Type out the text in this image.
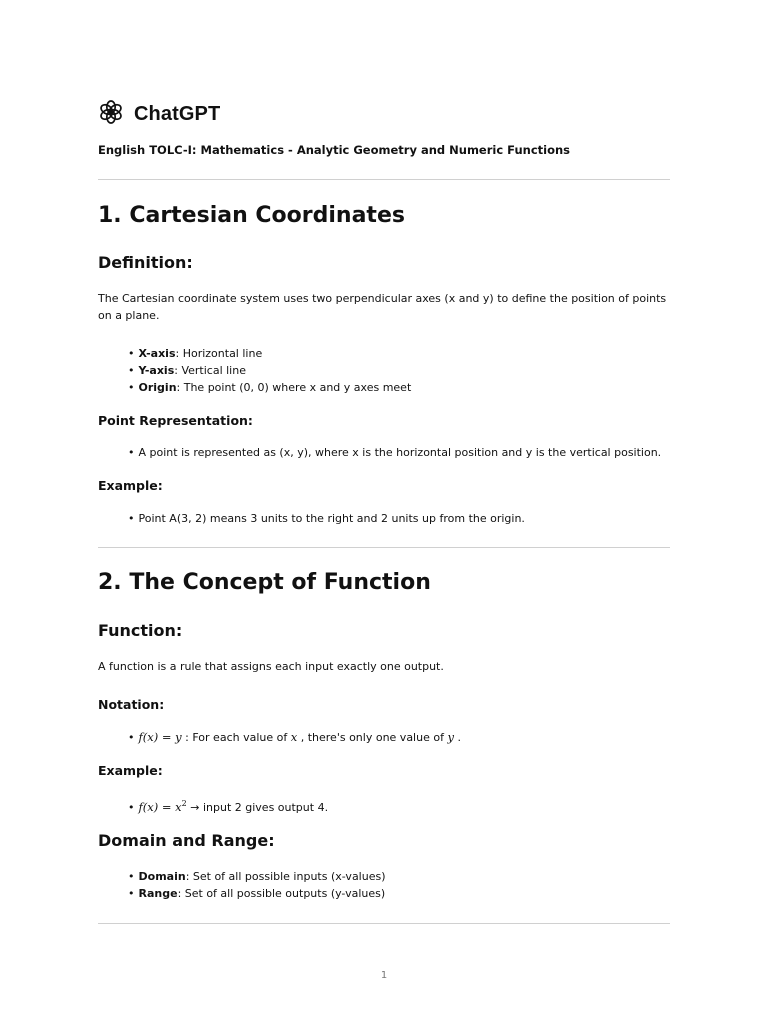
ChatGPT
English TOLC-I: Mathematics - Analytic Geometry and Numeric Functions
1. Cartesian Coordinates
Definition:
The Cartesian coordinate system uses two perpendicular axes (x and y) to define the position of points on a plane.
• X-axis: Horizontal line
• Y-axis: Vertical line
• Origin: The point (0, 0) where x and y axes meet
Point Representation:
• A point is represented as (x, y), where x is the horizontal position and y is the vertical position.
Example:
• Point A(3, 2) means 3 units to the right and 2 units up from the origin.
2. The Concept of Function
Function:
A function is a rule that assigns each input exactly one output.
Notation:
• f(x) = y : For each value of x , there's only one value of y .
Example:
• $f(x) = x^2$ → input 2 gives output 4.
Domain and Range:
• Domain: Set of all possible inputs (x-values)
• Range: Set of all possible outputs (y-values)
1
